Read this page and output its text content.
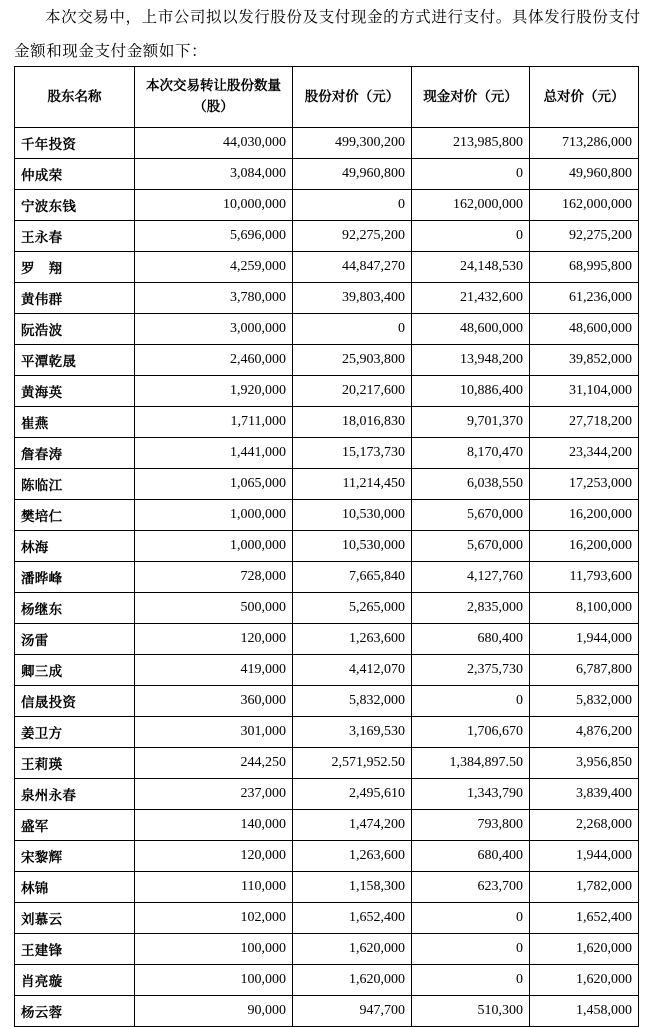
本次交易中，上市公司拟以发行股份及支付现金的方式进行支付。具体发行股份支付金额和现金支付金额如下：

股东名称	本次交易转让股份数量（股）	股份对价（元）	现金对价（元）	总对价（元）
千年投资	44,030,000	499,300,200	213,985,800	713,286,000
仲成荣	3,084,000	49,960,800	0	49,960,800
宁波东钱	10,000,000	0	162,000,000	162,000,000
王永春	5,696,000	92,275,200	0	92,275,200
罗　翔	4,259,000	44,847,270	24,148,530	68,995,800
黄伟群	3,780,000	39,803,400	21,432,600	61,236,000
阮浩波	3,000,000	0	48,600,000	48,600,000
平潭乾晟	2,460,000	25,903,800	13,948,200	39,852,000
黄海英	1,920,000	20,217,600	10,886,400	31,104,000
崔燕	1,711,000	18,016,830	9,701,370	27,718,200
詹春涛	1,441,000	15,173,730	8,170,470	23,344,200
陈临江	1,065,000	11,214,450	6,038,550	17,253,000
樊培仁	1,000,000	10,530,000	5,670,000	16,200,000
林海	1,000,000	10,530,000	5,670,000	16,200,000
潘晔峰	728,000	7,665,840	4,127,760	11,793,600
杨继东	500,000	5,265,000	2,835,000	8,100,000
汤雷	120,000	1,263,600	680,400	1,944,000
卿三成	419,000	4,412,070	2,375,730	6,787,800
信晟投资	360,000	5,832,000	0	5,832,000
姜卫方	301,000	3,169,530	1,706,670	4,876,200
王莉瑛	244,250	2,571,952.50	1,384,897.50	3,956,850
泉州永春	237,000	2,495,610	1,343,790	3,839,400
盛军	140,000	1,474,200	793,800	2,268,000
宋黎辉	120,000	1,263,600	680,400	1,944,000
林锦	110,000	1,158,300	623,700	1,782,000
刘慕云	102,000	1,652,400	0	1,652,400
王建锋	100,000	1,620,000	0	1,620,000
肖亮璇	100,000	1,620,000	0	1,620,000
杨云蓉	90,000	947,700	510,300	1,458,000
